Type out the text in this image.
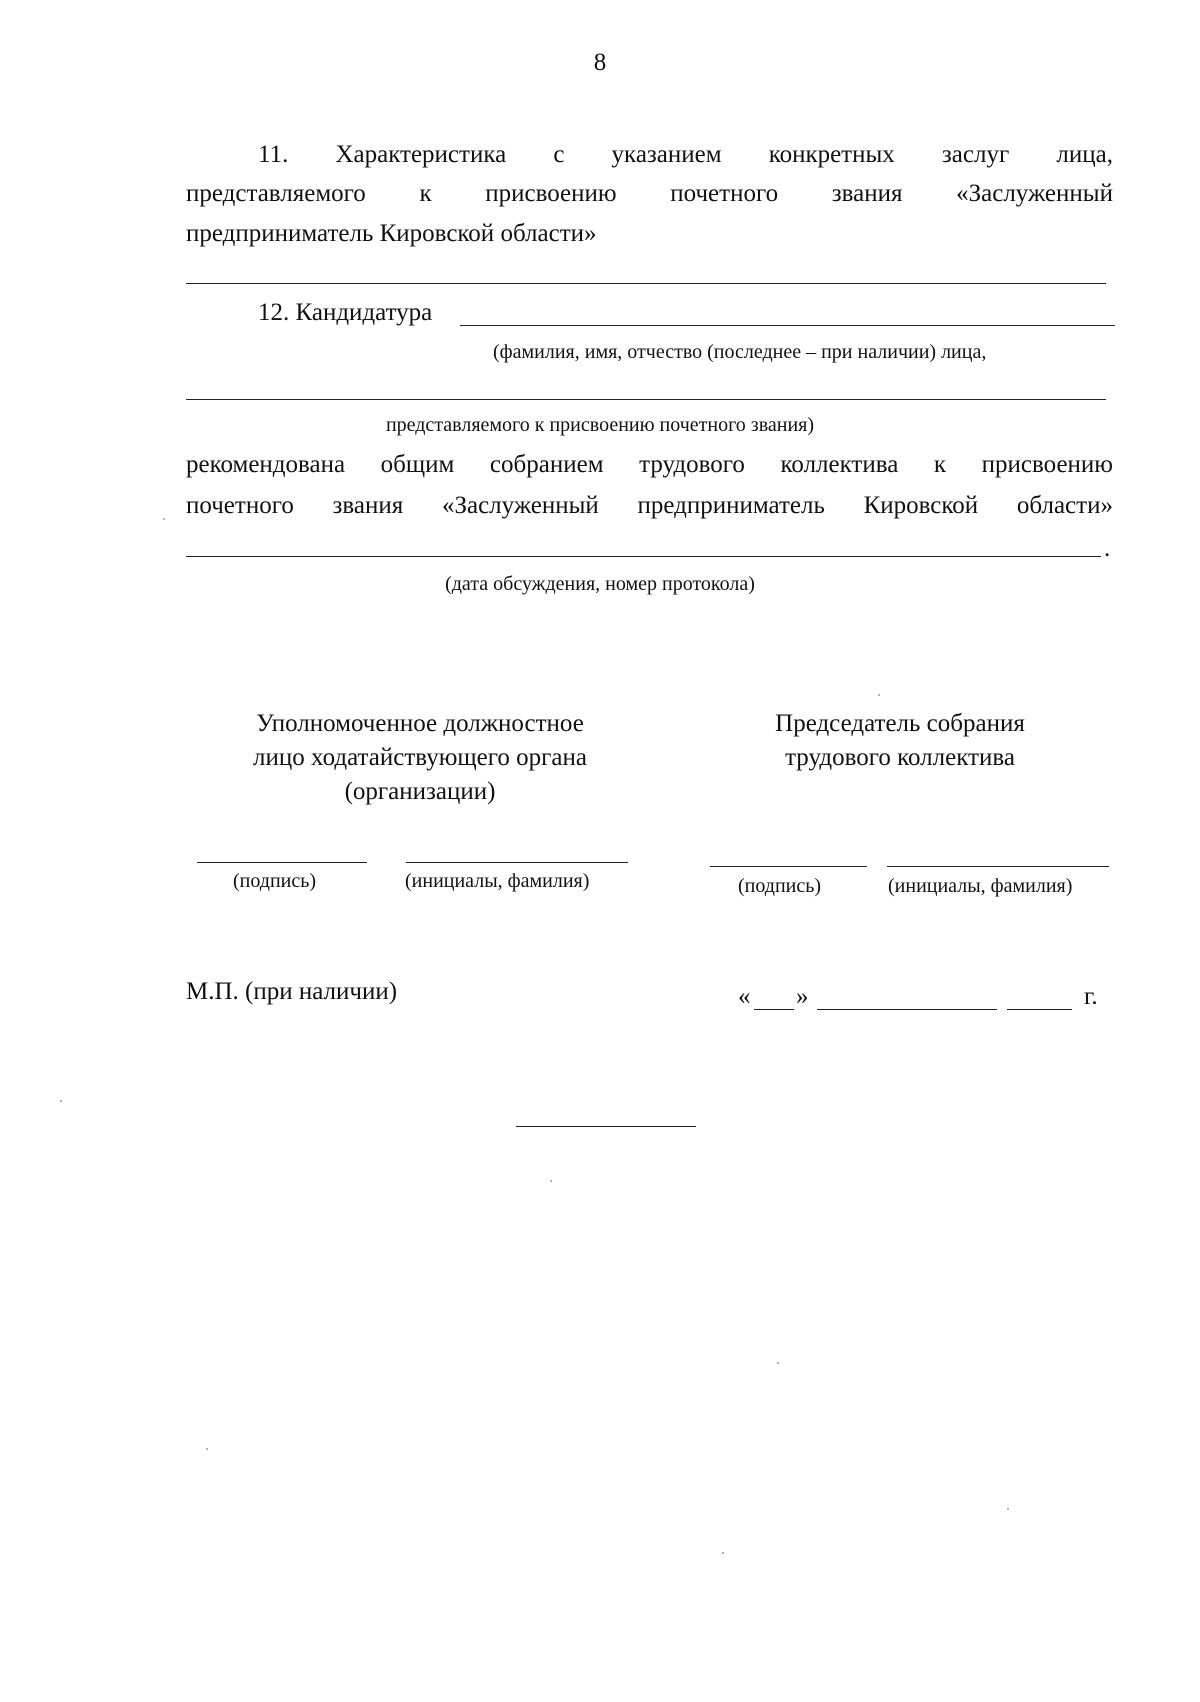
8
11. Характеристика с указанием конкретных заслуг лица,
представляемого к присвоению почетного звания «Заслуженный
предприниматель Кировской области»
12. Кандидатура
(фамилия, имя, отчество (последнее – при наличии) лица,
представляемого к присвоению почетного звания)
рекомендована общим собранием трудового коллектива к присвоению
почетного звания «Заслуженный предприниматель Кировской области»
.
(дата обсуждения, номер протокола)
Уполномоченное должностное
лицо ходатайствующего органа
(организации)
Председатель собрания
трудового коллектива
(подпись)	(инициалы, фамилия)	(подпись)	(инициалы, фамилия)
М.П. (при наличии)	« »	г.
